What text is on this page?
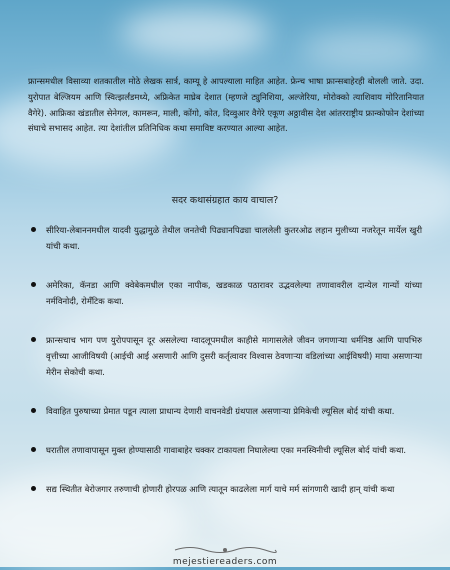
फ्रान्समधील विसाव्या शतकातील मोठे लेखक सार्त्र, काम्यू हे आपल्याला माहित आहेत. फ्रेन्च भाषा फ्रान्सबाहेरही बोलली जाते. उदा. युरोपात बेल्जियम आणि स्वित्झर्लंडमध्ये, अफ्रिकेत माघ्रेब देशात (म्हणजे ट्युनिशिया, अल्जेरिया, मोरोक्को त्याशिवाय मोरितानियात वैगेरे). आफ्रिका खंडातील सेनेगल, कामरून, माली, कोंगो, कोत, दिव्वुआर वैगेरे एकूण अठ्ठावीस देश आंतरराष्ट्रीय फ्रान्कोफोन देशांच्या संघाचे सभासद आहेत. त्या देशांतील प्रतिनिधिक कथा समाविष्ट करण्यात आल्या आहेत.

सदर कथासंग्रहात काय वाचाल?
सीरिया-लेबाननमधील यादवी युद्धामुळे तेथील जनतेची पिढ्यानपिढ्या चाललेली कुतरओढ लहान मुलीच्या नजरेतून मार्येल खुरी यांची कथा.
अमेरिका, कॅनडा आणि क्वेबेकमधील एका नापीक, खडकाळ पठारावर उद्भवलेल्या तणावावरील दान्येल गान्यों यांच्या नर्मविनोदी, रोमँटिक कथा.
फ्रान्सचाच भाग पण युरोपपासून दूर असलेल्या ग्वादलूपमधील काहीसे मागासलेले जीवन जगणाऱ्या धर्मनिष्ठ आणि पापभिरु वृत्तीच्या आजीविषयी (आईची आई असणारी आणि दुसरी कर्तृत्वावर विश्वास ठेवणाऱ्या वडिलांच्या आईविषयी) माया असणाऱ्या मेरीन सेकोची कथा.
विवाहित पुरुषाच्या प्रेमात पडून त्याला प्राधान्य देणारी वाचनवेडी ग्रंथपाल असणाऱ्या प्रेमिकेची ल्यूसिल बोर्द यांची कथा.
घरातील तणावापासून मुक्त होण्यासाठी गावाबाहेर चक्कर टाकायला निघालेल्या एका मनस्विनीची ल्यूसिल बोर्द यांची कथा.
सद्य स्थितीत बेरोजगार तरुणाची होणारी होरपळ आणि त्यातून काढलेला मार्ग याचे मर्म सांगणारी खादी हान् यांची कथा
mejestiereaders.com
